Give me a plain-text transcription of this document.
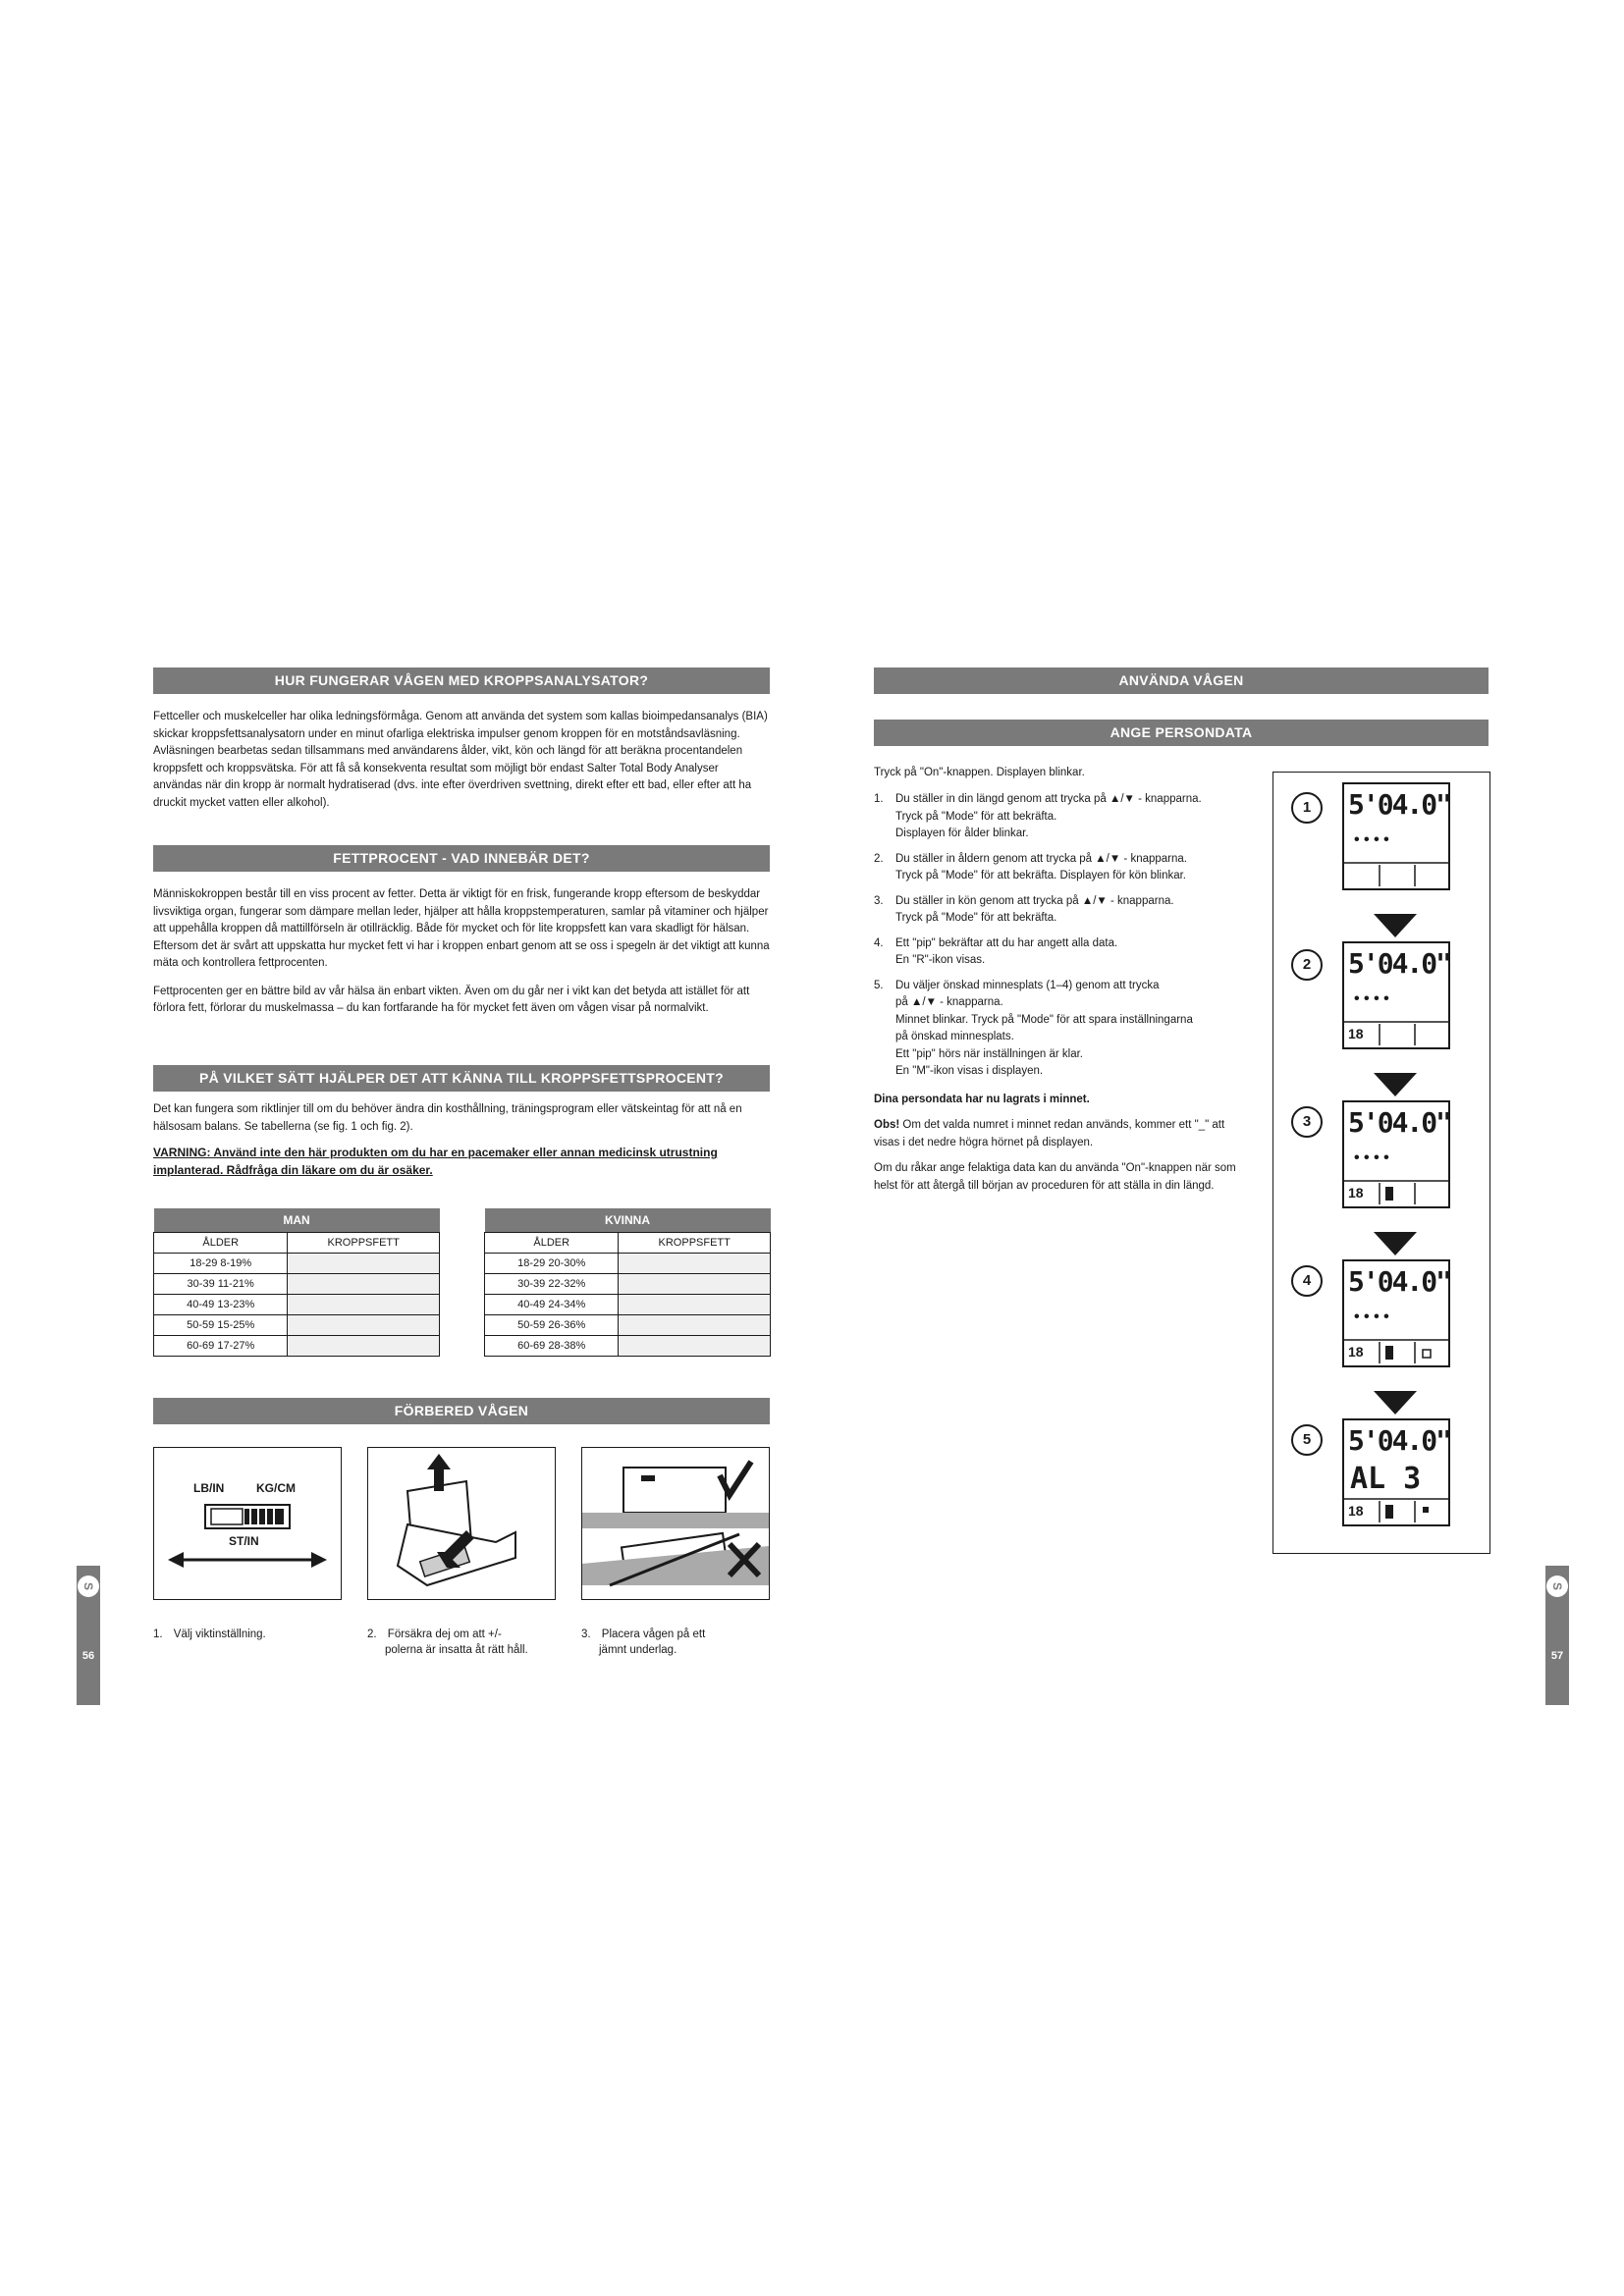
HUR FUNGERAR VÅGEN MED KROPPSANALYSATOR?

Fettceller och muskelceller har olika ledningsförmåga. Genom att använda det system som kallas bioimpedansanalys (BIA) skickar kroppsfettsanalysatorn under en minut ofarliga elektriska impulser genom kroppen för en motståndsavläsning. Avläsningen bearbetas sedan tillsammans med användarens ålder, vikt, kön och längd för att beräkna procentandelen kroppsfett och kroppsvätska. För att få så konsekventa resultat som möjligt bör endast Salter Total Body Analyser användas när din kropp är normalt hydratiserad (dvs. inte efter överdriven svettning, direkt efter ett bad, eller efter att ha druckit mycket vatten eller alkohol).

FETTPROCENT - VAD INNEBÄR DET?

Människokroppen består till en viss procent av fetter. Detta är viktigt för en frisk, fungerande kropp eftersom de beskyddar livsviktiga organ, fungerar som dämpare mellan leder, hjälper att hålla kroppstemperaturen, samlar på vitaminer och hjälper att uppehålla kroppen då mattillförseln är otillräcklig. Både för mycket och för lite kroppsfett kan vara skadligt för hälsan. Eftersom det är svårt att uppskatta hur mycket fett vi har i kroppen enbart genom att se oss i spegeln är det viktigt att kunna mäta och kontrollera fettprocenten.

Fettprocenten ger en bättre bild av vår hälsa än enbart vikten. Även om du går ner i vikt kan det betyda att istället för att förlora fett, förlorar du muskelmassa – du kan fortfarande ha för mycket fett även om vågen visar på normalvikt.

PÅ VILKET SÄTT HJÄLPER DET ATT KÄNNA TILL KROPPSFETTSPROCENT?

Det kan fungera som riktlinjer till om du behöver ändra din kosthållning, träningsprogram eller vätskeintag för att nå en hälsosam balans. Se tabellerna (se fig. 1 och fig. 2).

VARNING: Använd inte den här produkten om du har en pacemaker eller annan medicinsk utrustning implanterad. Rådfråga din läkare om du är osäker.
MAN	
ÅLDER	KROPPSFETT
18-29 8-19%	
30-39 11-21%	
40-49 13-23%	
50-59 15-25%	
60-69 17-27%	
KVINNA	
ÅLDER	KROPPSFETT
18-29 20-30%	
30-39 22-32%	
40-49 24-34%	
50-59 26-36%	
60-69 28-38%	
FÖRBERED VÅGEN
LB/IN	KG/CM
ST/IN
1. Välj viktinställning.	2. Försäkra dej om att +/-
polerna är insatta åt rätt håll.
3. Placera vågen på ett
jämnt underlag.
S
56
ANVÄNDA VÅGEN
ANGE PERSONDATA
Tryck på "On"-knappen. Displayen blinkar.
1. Du ställer in din längd genom att trycka på ▲/▼ - knapparna.
Tryck på "Mode" för att bekräfta.
Displayen för ålder blinkar.
2. Du ställer in åldern genom att trycka på ▲/▼ - knapparna.
Tryck på "Mode" för att bekräfta. Displayen för kön blinkar.
3. Du ställer in kön genom att trycka på ▲/▼ - knapparna.
Tryck på "Mode" för att bekräfta.
4. Ett "pip" bekräftar att du har angett alla data.
En "R"-ikon visas.
5. Du väljer önskad minnesplats (1–4) genom att trycka
på ▲/▼ - knapparna.
Minnet blinkar. Tryck på "Mode" för att spara inställningarna
på önskad minnesplats.
Ett "pip" hörs när inställningen är klar.
En "M"-ikon visas i displayen.
Dina persondata har nu lagrats i minnet.
Obs! Om det valda numret i minnet redan används, kommer ett "_" att visas i det nedre högra hörnet på displayen.
Om du råkar ange felaktiga data kan du använda "On"-knappen när som helst för att återgå till början av proceduren för att ställa in din längd.
1	5'04.0"
• • • •
2	5'04.0"
• • • •
18
3	5'04.0"
• • • •
18
4	5'04.0"
• • • •
18
5	5'04.0"
AL 3
18
S
57
